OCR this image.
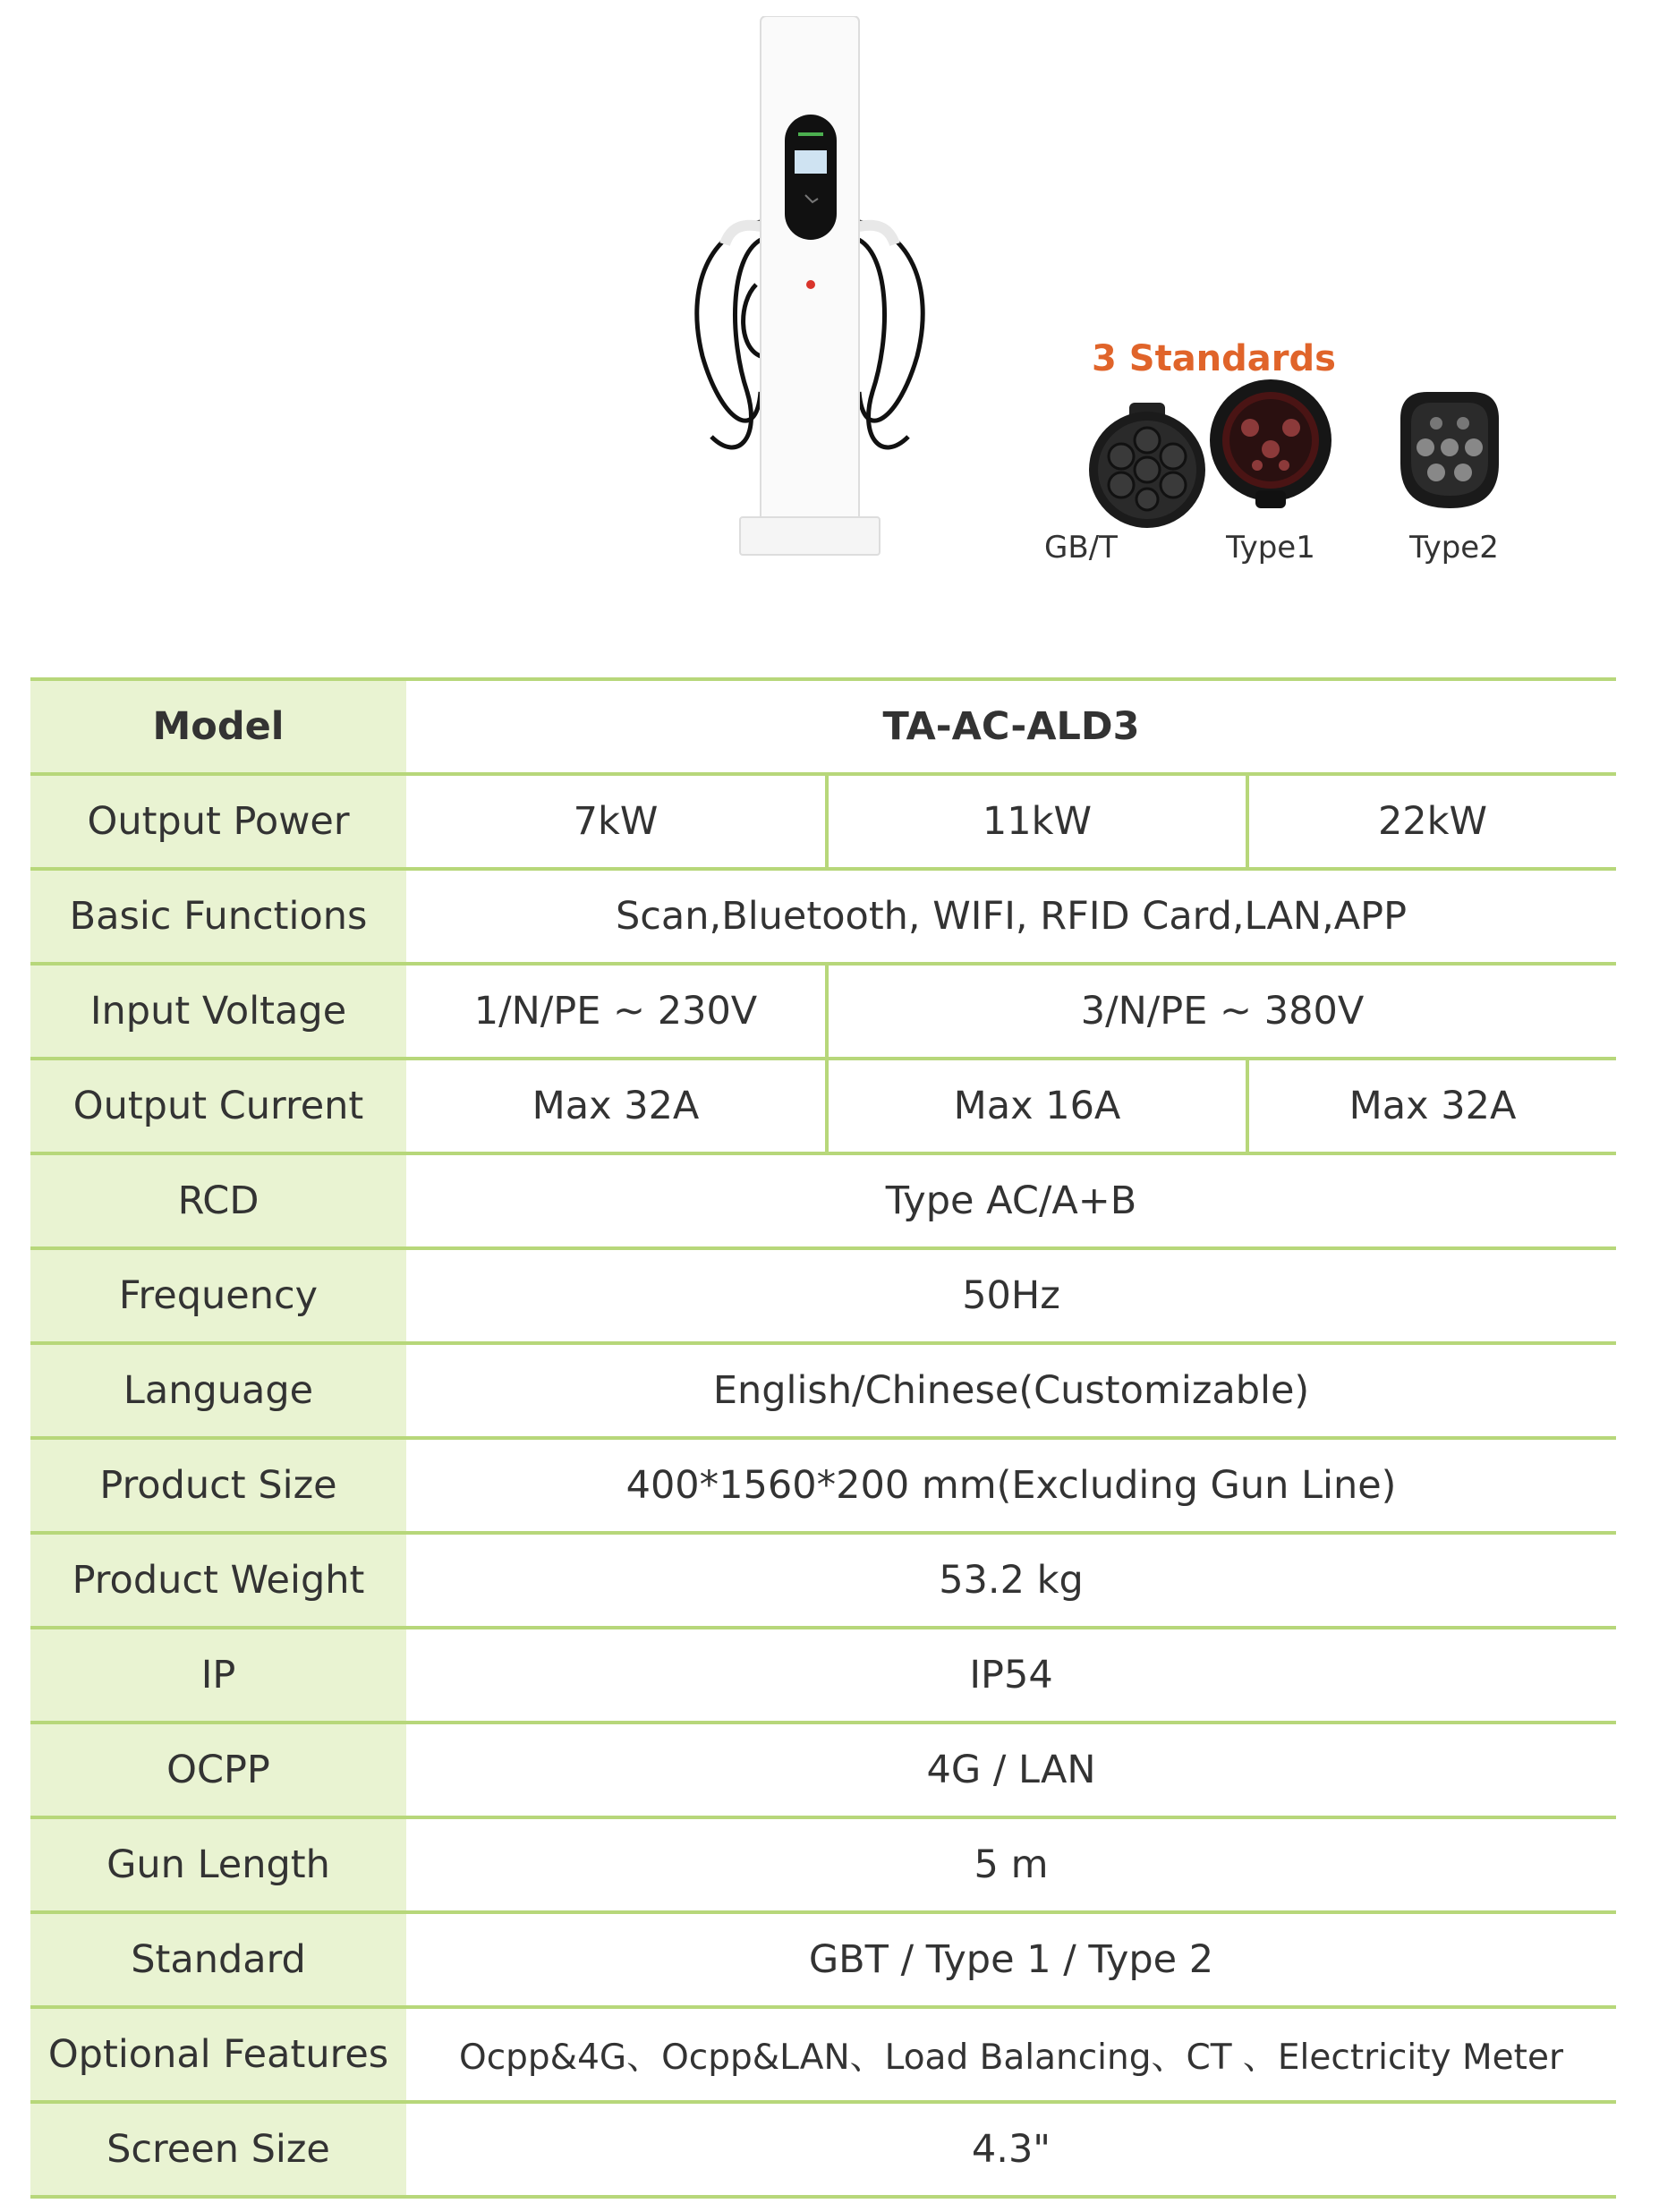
3 Standards
GB/T	Type1	Type2
Model	TA-AC-ALD3		
Output Power	7kW	11kW	22kW
Basic Functions	Scan,Bluetooth, WIFI, RFID Card,LAN,APP		
Input Voltage	1/N/PE ~ 230V	3/N/PE ~ 380V	
Output Current	Max 32A	Max 16A	Max 32A
RCD	Type AC/A+B		
Frequency	50Hz		
Language	English/Chinese(Customizable)		
Product Size	400*1560*200 mm(Excluding Gun Line)		
Product Weight	53.2 kg		
IP	IP54		
OCPP	4G / LAN		
Gun Length	5 m		
Standard	GBT / Type 1 / Type 2		
Optional Features	Ocpp&4G、Ocpp&LAN、Load Balancing、CT 、Electricity Meter		
Screen Size	4.3"		
